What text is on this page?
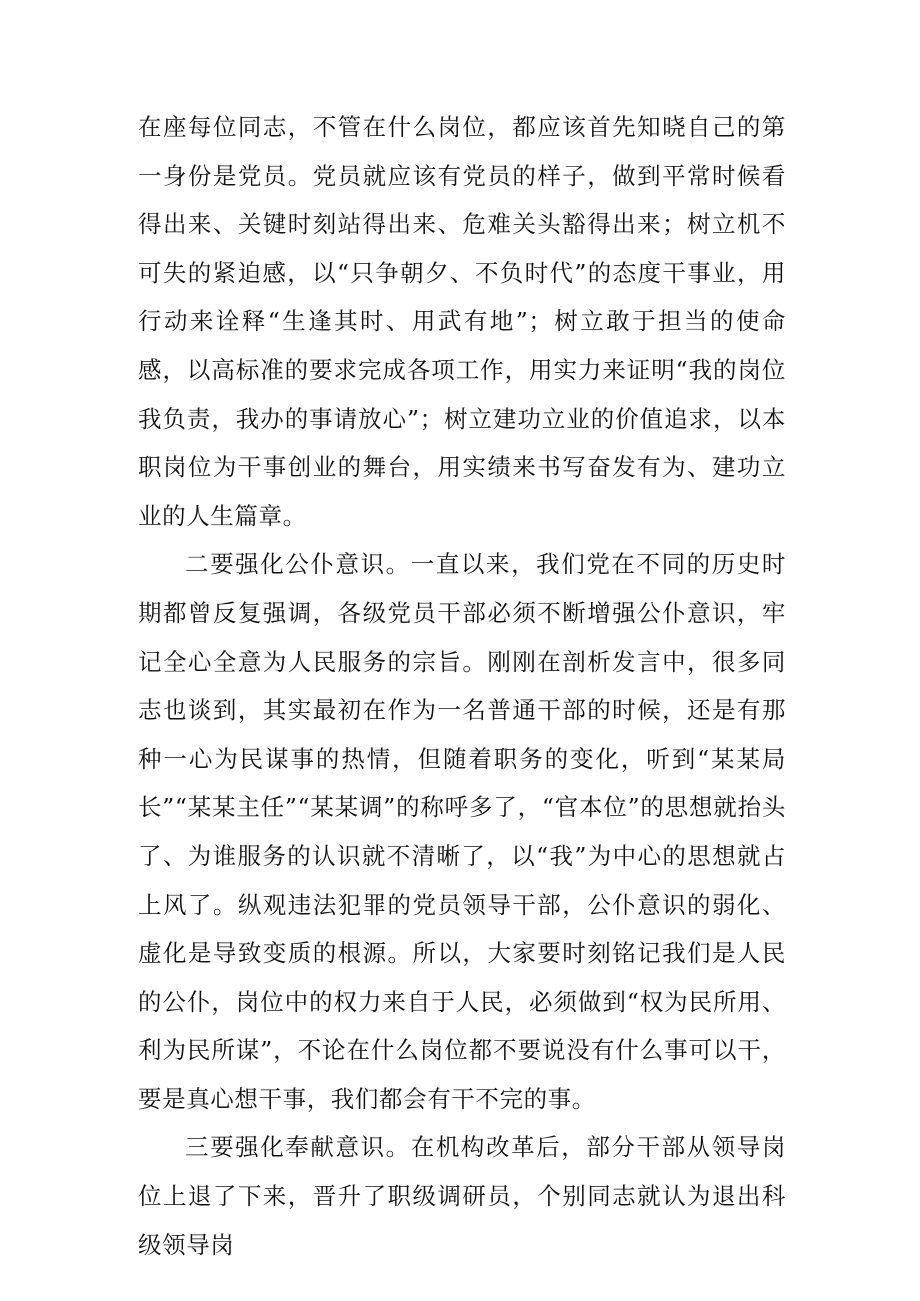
在座每位同志，不管在什么岗位，都应该首先知晓自己的第一身份是党员。党员就应该有党员的样子，做到平常时候看得出来、关键时刻站得出来、危难关头豁得出来；树立机不可失的紧迫感，以“只争朝夕、不负时代”的态度干事业，用行动来诠释“生逢其时、用武有地”；树立敢于担当的使命感，以高标准的要求完成各项工作，用实力来证明“我的岗位我负责，我办的事请放心”；树立建功立业的价值追求，以本职岗位为干事创业的舞台，用实绩来书写奋发有为、建功立业的人生篇章。

二要强化公仆意识。一直以来，我们党在不同的历史时期都曾反复强调，各级党员干部必须不断增强公仆意识，牢记全心全意为人民服务的宗旨。刚刚在剖析发言中，很多同志也谈到，其实最初在作为一名普通干部的时候，还是有那种一心为民谋事的热情，但随着职务的变化，听到“某某局长”“某某主任”“某某调”的称呼多了，“官本位”的思想就抬头了、为谁服务的认识就不清晰了，以“我”为中心的思想就占上风了。纵观违法犯罪的党员领导干部，公仆意识的弱化、虚化是导致变质的根源。所以，大家要时刻铭记我们是人民的公仆，岗位中的权力来自于人民，必须做到“权为民所用、利为民所谋”，不论在什么岗位都不要说没有什么事可以干，要是真心想干事，我们都会有干不完的事。

三要强化奉献意识。在机构改革后，部分干部从领导岗位上退了下来，晋升了职级调研员，个别同志就认为退出科级领导岗
